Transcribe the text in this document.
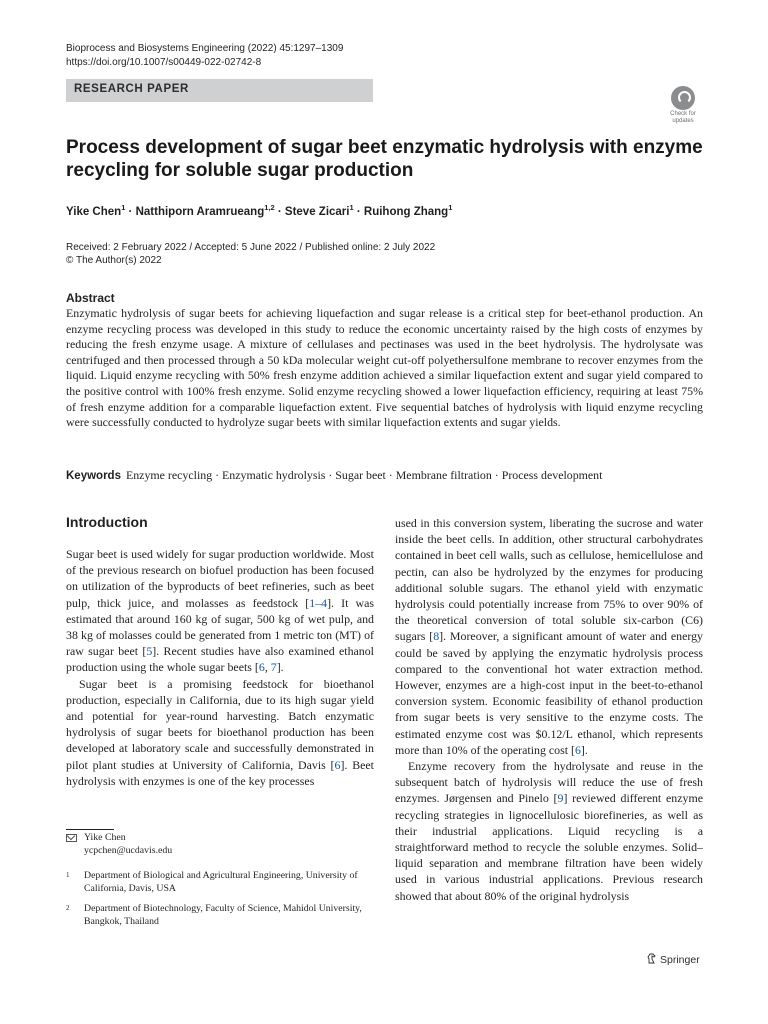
Bioprocess and Biosystems Engineering (2022) 45:1297–1309
https://doi.org/10.1007/s00449-022-02742-8
RESEARCH PAPER
Check for
updates
Process development of sugar beet enzymatic hydrolysis with enzyme recycling for soluble sugar production
Yike Chen$^1$ · Natthiporn Aramrueang$^{1,2}$ · Steve Zicari$^1$ · Ruihong Zhang$^1$
Received: 2 February 2022 / Accepted: 5 June 2022 / Published online: 2 July 2022
© The Author(s) 2022
Abstract
Enzymatic hydrolysis of sugar beets for achieving liquefaction and sugar release is a critical step for beet-ethanol production. An enzyme recycling process was developed in this study to reduce the economic uncertainty raised by the high costs of enzymes by reducing the fresh enzyme usage. A mixture of cellulases and pectinases was used in the beet hydrolysis. The hydrolysate was centrifuged and then processed through a 50 kDa molecular weight cut-off polyethersulfone membrane to recover enzymes from the liquid. Liquid enzyme recycling with 50% fresh enzyme addition achieved a similar liquefaction extent and sugar yield compared to the positive control with 100% fresh enzyme. Solid enzyme recycling showed a lower liquefaction efficiency, requiring at least 75% of fresh enzyme addition for a comparable liquefaction extent. Five sequential batches of hydrolysis with liquid enzyme recycling were successfully conducted to hydrolyze sugar beets with similar liquefaction extents and sugar yields.
Keywords Enzyme recycling · Enzymatic hydrolysis · Sugar beet · Membrane filtration · Process development
Introduction

Sugar beet is used widely for sugar production worldwide. Most of the previous research on biofuel production has been focused on utilization of the byproducts of beet refineries, such as beet pulp, thick juice, and molasses as feedstock [1–4]. It was estimated that around 160 kg of sugar, 500 kg of wet pulp, and 38 kg of molasses could be generated from 1 metric ton (MT) of raw sugar beet [5]. Recent studies have also examined ethanol production using the whole sugar beets [6, 7].

Sugar beet is a promising feedstock for bioethanol production, especially in California, due to its high sugar yield and potential for year-round harvesting. Batch enzymatic hydrolysis of sugar beets for bioethanol production has been developed at laboratory scale and successfully demonstrated in pilot plant studies at University of California, Davis [6]. Beet hydrolysis with enzymes is one of the key processes

used in this conversion system, liberating the sucrose and water inside the beet cells. In addition, other structural carbohydrates contained in beet cell walls, such as cellulose, hemicellulose and pectin, can also be hydrolyzed by the enzymes for producing additional soluble sugars. The ethanol yield with enzymatic hydrolysis could potentially increase from 75% to over 90% of the theoretical conversion of total soluble six-carbon (C6) sugars [8]. Moreover, a significant amount of water and energy could be saved by applying the enzymatic hydrolysis process compared to the conventional hot water extraction method. However, enzymes are a high-cost input in the beet-to-ethanol conversion system. Economic feasibility of ethanol production from sugar beets is very sensitive to the enzyme costs. The estimated enzyme cost was $0.12/L ethanol, which represents more than 10% of the operating cost [6].

Enzyme recovery from the hydrolysate and reuse in the subsequent batch of hydrolysis will reduce the use of fresh enzymes. Jørgensen and Pinelo [9] reviewed different enzyme recycling strategies in lignocellulosic biorefineries, as well as their industrial applications. Liquid recycling is a straightforward method to recycle the soluble enzymes. Solid–liquid separation and membrane filtration have been widely used in various industrial applications. Previous research showed that about 80% of the original hydrolysis

Yike Chen
ycpchen@ucdavis.edu
1 Department of Biological and Agricultural Engineering, University of California, Davis, USA
2 Department of Biotechnology, Faculty of Science, Mahidol University, Bangkok, Thailand
Springer
